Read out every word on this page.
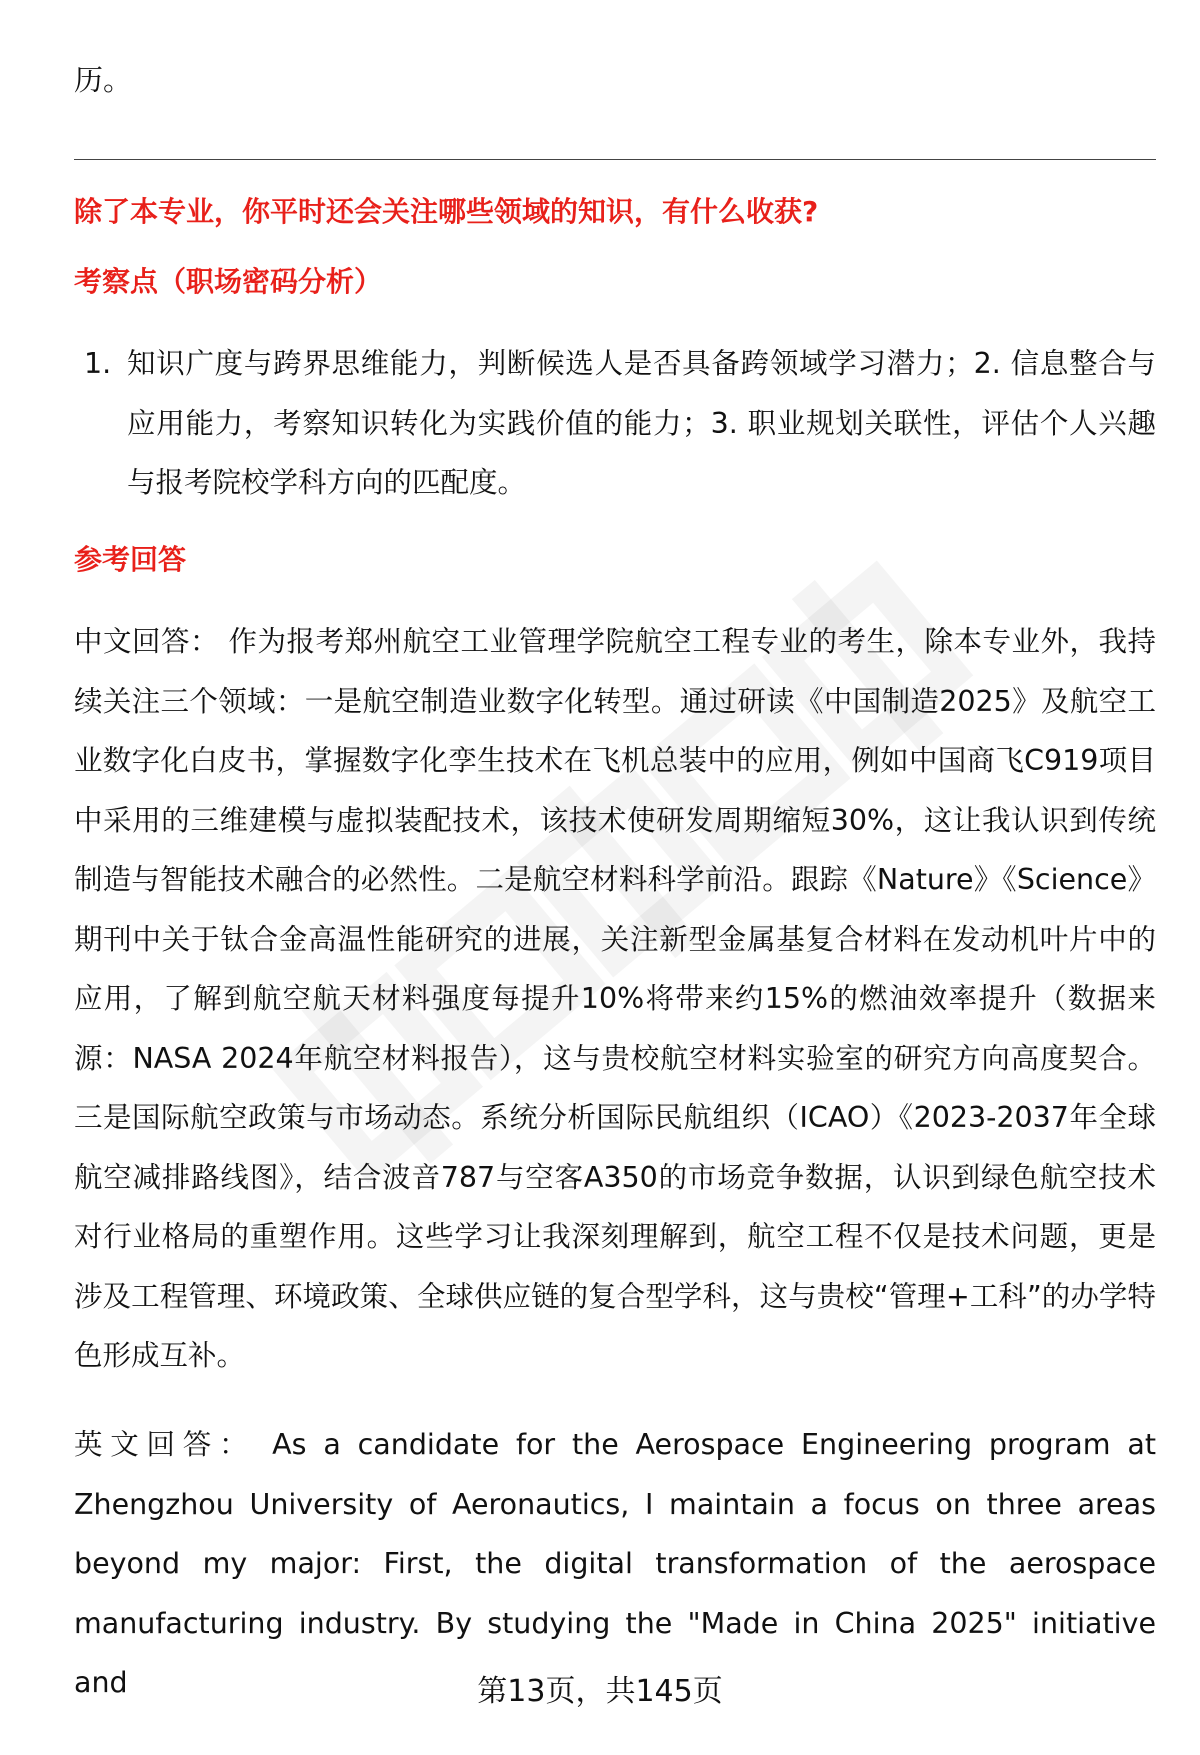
历。
除了本专业，你平时还会关注哪些领域的知识，有什么收获?
考察点（职场密码分析）
1. 知识广度与跨界思维能力，判断候选人是否具备跨领域学习潜力；2. 信息整合与应用能力，考察知识转化为实践价值的能力；3. 职业规划关联性，评估个人兴趣与报考院校学科方向的匹配度。
参考回答
中文回答： 作为报考郑州航空工业管理学院航空工程专业的考生，除本专业外，我持续关注三个领域：一是航空制造业数字化转型。通过研读《中国制造2025》及航空工业数字化白皮书，掌握数字化孪生技术在飞机总装中的应用，例如中国商飞C919项目中采用的三维建模与虚拟装配技术，该技术使研发周期缩短30%，这让我认识到传统制造与智能技术融合的必然性。二是航空材料科学前沿。跟踪《Nature》《Science》期刊中关于钛合金高温性能研究的进展，关注新型金属基复合材料在发动机叶片中的应用，了解到航空航天材料强度每提升10%将带来约15%的燃油效率提升（数据来源：NASA 2024年航空材料报告），这与贵校航空材料实验室的研究方向高度契合。三是国际航空政策与市场动态。系统分析国际民航组织（ICAO）《2023-2037年全球航空减排路线图》，结合波音787与空客A350的市场竞争数据，认识到绿色航空技术对行业格局的重塑作用。这些学习让我深刻理解到，航空工程不仅是技术问题，更是涉及工程管理、环境政策、全球供应链的复合型学科，这与贵校“管理+工科”的办学特色形成互补。
英文回答： As a candidate for the Aerospace Engineering program at Zhengzhou University of Aeronautics, I maintain a focus on three areas beyond my major: First, the digital transformation of the aerospace manufacturing industry. By studying the "Made in China 2025" initiative and	第13页，共145页
